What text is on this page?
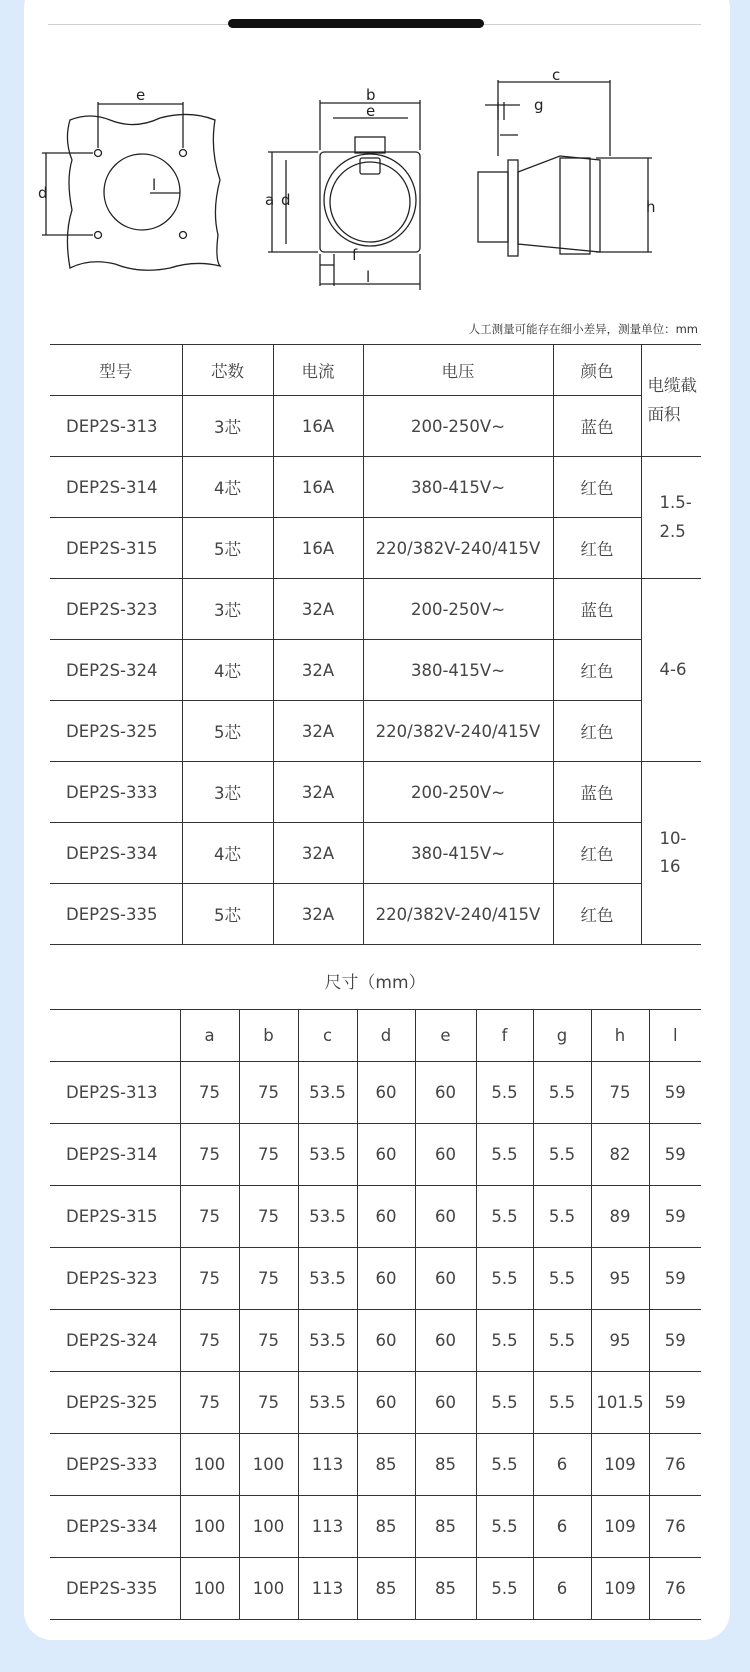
e
d	l
b
e
a d
f
l
c
g
h
人工测量可能存在细小差异，测量单位：mm
型号	芯数	电流	电压	颜色	电缆截面积
DEP2S-313	3芯	16A	200-250V~	蓝色	
DEP2S-314	4芯	16A	380-415V~	红色	1.5-2.5
DEP2S-315	5芯	16A	220/382V-240/415V	红色	
DEP2S-323	3芯	32A	200-250V~	蓝色	4-6
DEP2S-324	4芯	32A	380-415V~	红色	
DEP2S-325	5芯	32A	220/382V-240/415V	红色	
DEP2S-333	3芯	32A	200-250V~	蓝色	10-16
DEP2S-334	4芯	32A	380-415V~	红色	
DEP2S-335	5芯	32A	220/382V-240/415V	红色	
尺寸（mm）
	a	b	c	d	e	f	g	h	l
DEP2S-313	75	75	53.5	60	60	5.5	5.5	75	59
DEP2S-314	75	75	53.5	60	60	5.5	5.5	82	59
DEP2S-315	75	75	53.5	60	60	5.5	5.5	89	59
DEP2S-323	75	75	53.5	60	60	5.5	5.5	95	59
DEP2S-324	75	75	53.5	60	60	5.5	5.5	95	59
DEP2S-325	75	75	53.5	60	60	5.5	5.5	101.5	59
DEP2S-333	100	100	113	85	85	5.5	6	109	76
DEP2S-334	100	100	113	85	85	5.5	6	109	76
DEP2S-335	100	100	113	85	85	5.5	6	109	76
